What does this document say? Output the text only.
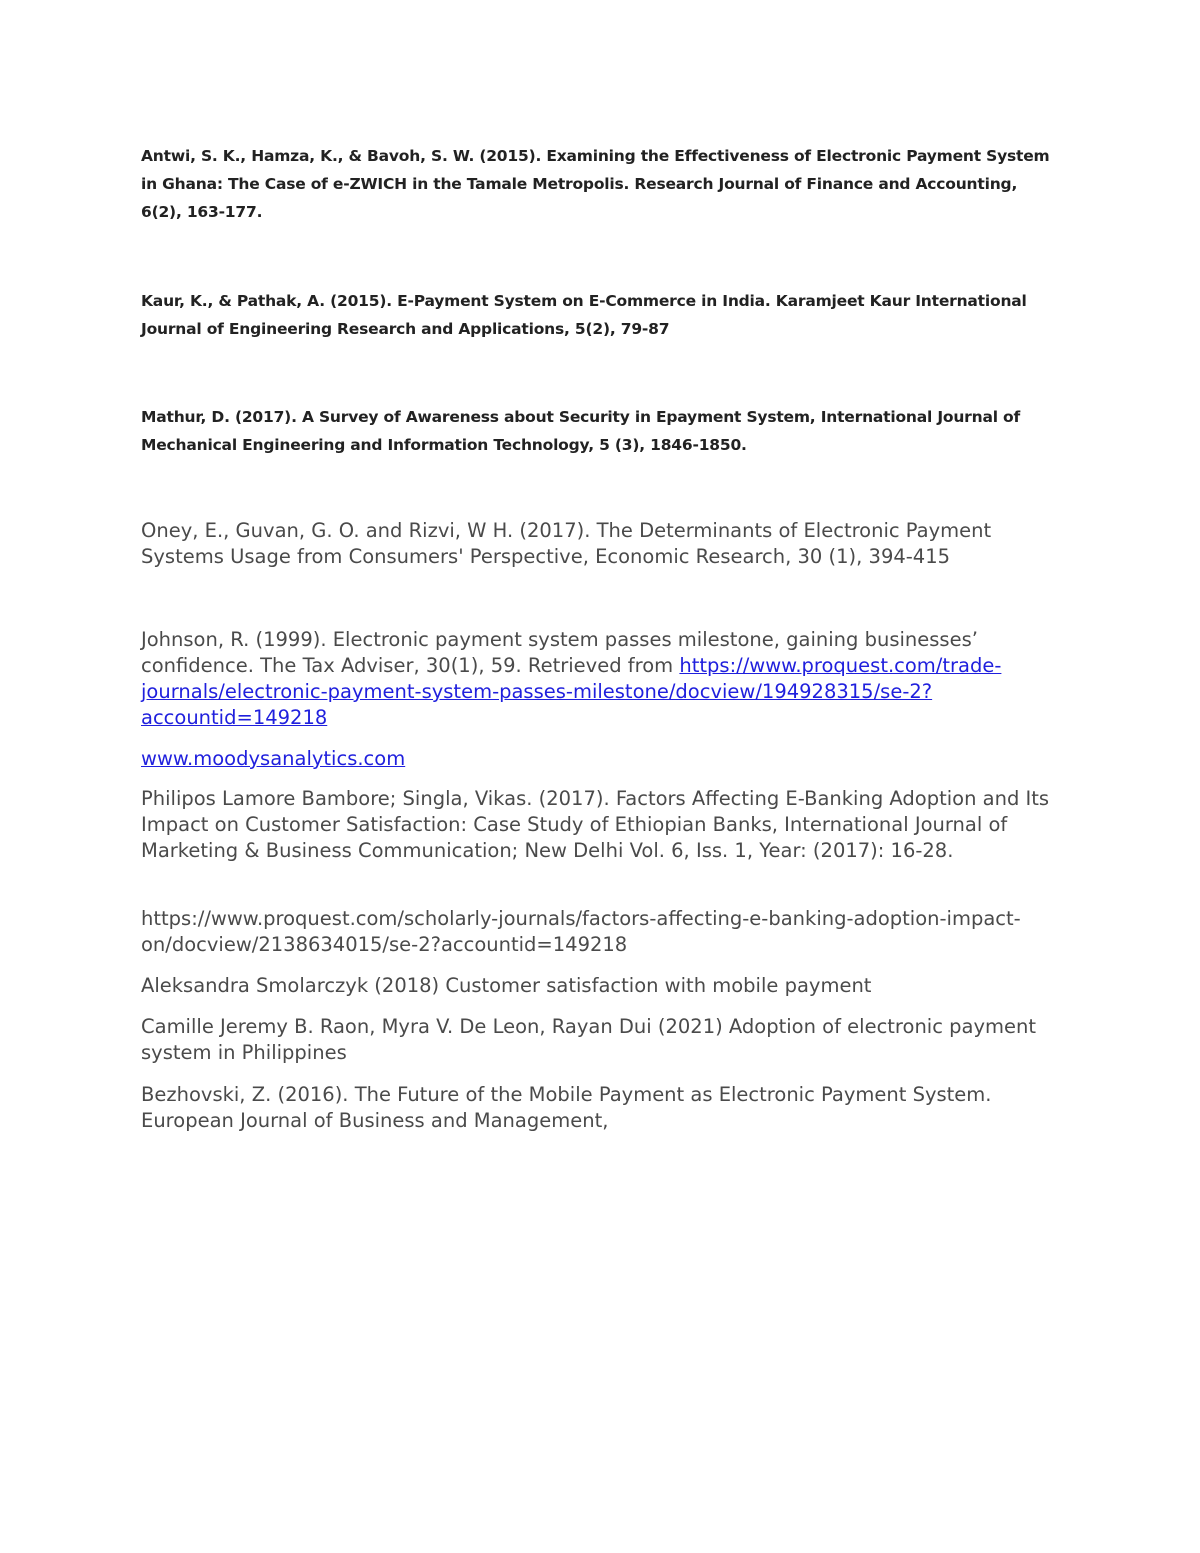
Antwi, S. K., Hamza, K., & Bavoh, S. W. (2015). Examining the Effectiveness of Electronic Payment System in Ghana: The Case of e-ZWICH in the Tamale Metropolis. Research Journal of Finance and Accounting, 6(2), 163-177.

Kaur, K., & Pathak, A. (2015). E-Payment System on E-Commerce in India. Karamjeet Kaur International Journal of Engineering Research and Applications, 5(2), 79-87

Mathur, D. (2017). A Survey of Awareness about Security in Epayment System, International Journal of Mechanical Engineering and Information Technology, 5 (3), 1846-1850.

Oney, E., Guvan, G. O. and Rizvi, W H. (2017). The Determinants of Electronic Payment Systems Usage from Consumers' Perspective, Economic Research, 30 (1), 394-415

Johnson, R. (1999). Electronic payment system passes milestone, gaining businesses’ confidence. The Tax Adviser, 30(1), 59. Retrieved from https://www.proquest.com/trade-journals/electronic-payment-system-passes-milestone/docview/194928315/se-2?accountid=149218

www.moodysanalytics.com

Philipos Lamore Bambore; Singla, Vikas. (2017). Factors Affecting E-Banking Adoption and Its Impact on Customer Satisfaction: Case Study of Ethiopian Banks, International Journal of Marketing & Business Communication; New Delhi Vol. 6, Iss. 1, Year: (2017): 16-28.

https://www.proquest.com/scholarly-journals/factors-affecting-e-banking-adoption-impact-on/docview/2138634015/se-2?accountid=149218

Aleksandra Smolarczyk (2018) Customer satisfaction with mobile payment

Camille Jeremy B. Raon, Myra V. De Leon, Rayan Dui (2021) Adoption of electronic payment system in Philippines

Bezhovski, Z. (2016). The Future of the Mobile Payment as Electronic Payment System. European Journal of Business and Management,
